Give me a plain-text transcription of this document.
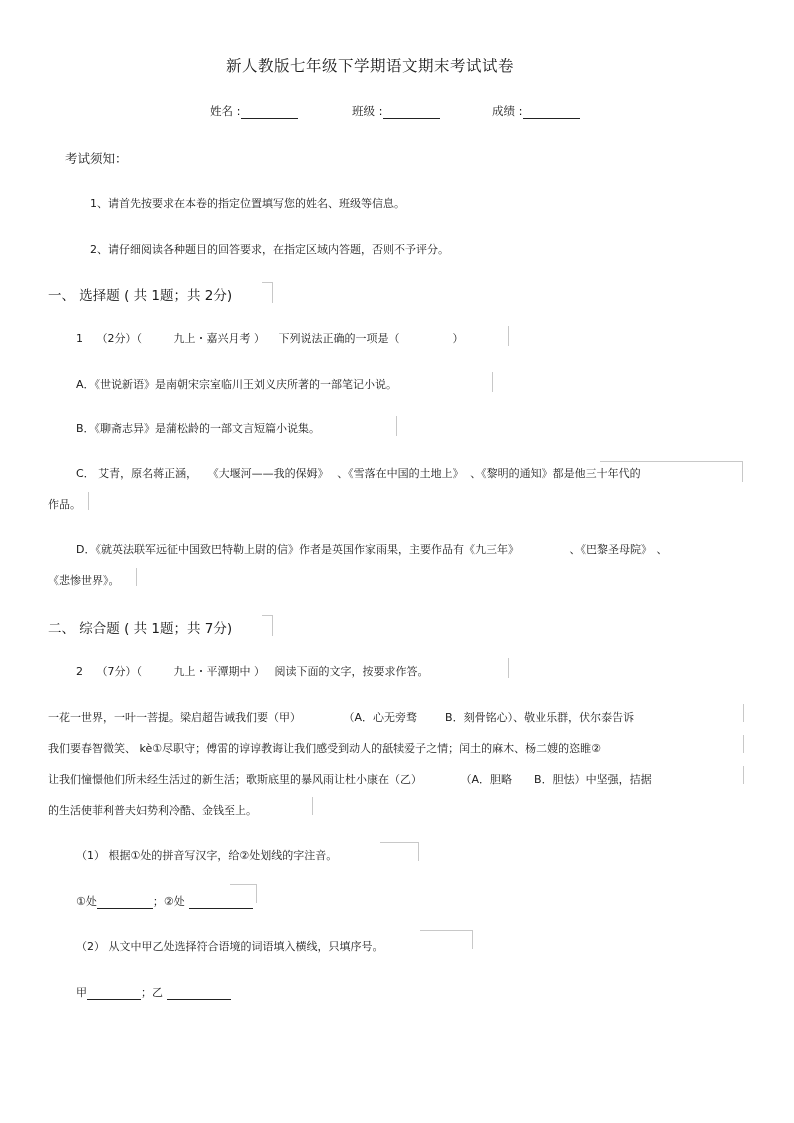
新人教版七年级下学期语文期末考试试卷
姓名 :	班级 :	成绩 :
考试须知：
1、请首先按要求在本卷的指定位置填写您的姓名、班级等信息。
2、请仔细阅读各种题目的回答要求，在指定区域内答题，否则不予评分。
一、 选择题 ( 共 1题；共 2分)
1 （2分）（	九上・嘉兴月考 ） 下列说法正确的一项是（	）
A．《世说新语》是南朝宋宗室临川王刘义庆所著的一部笔记小说。
B．《聊斋志异》是蒲松龄的一部文言短篇小说集。
C． 艾青，原名蒋正涵， 《大堰河——我的保姆》 、《雪落在中国的土地上》 、《黎明的通知》都是他三十年代的
作品。
D．《就英法联军远征中国致巴特勒上尉的信》作者是英国作家雨果，主要作品有《九三年》	、《巴黎圣母院》 、
《悲惨世界》。
二、 综合题 ( 共 1题；共 7分)
2 （7分）（	九上・平潭期中 ） 阅读下面的文字，按要求作答。
一花一世界，一叶一菩提。梁启超告诫我们要（甲）	（A．心无旁骛	B．刻骨铭心）、敬业乐群，伏尔泰告诉
我们要春智微笑、 kè①尽职守；傅雷的谆谆教诲让我们感受到动人的舐犊爱子之情；闰土的麻木、杨二嫂的恣睢②
让我们憧憬他们所未经生活过的新生活；歌斯底里的暴风雨让杜小康在（乙）	（A．胆略 B．胆怯）中坚强，拮据
的生活使菲利普夫妇势利冷酷、金钱至上。
（1） 根据①处的拼音写汉字，给②处划线的字注音。
①处	；②处
（2） 从文中甲乙处选择符合语境的词语填入横线，只填序号。
甲	；乙
